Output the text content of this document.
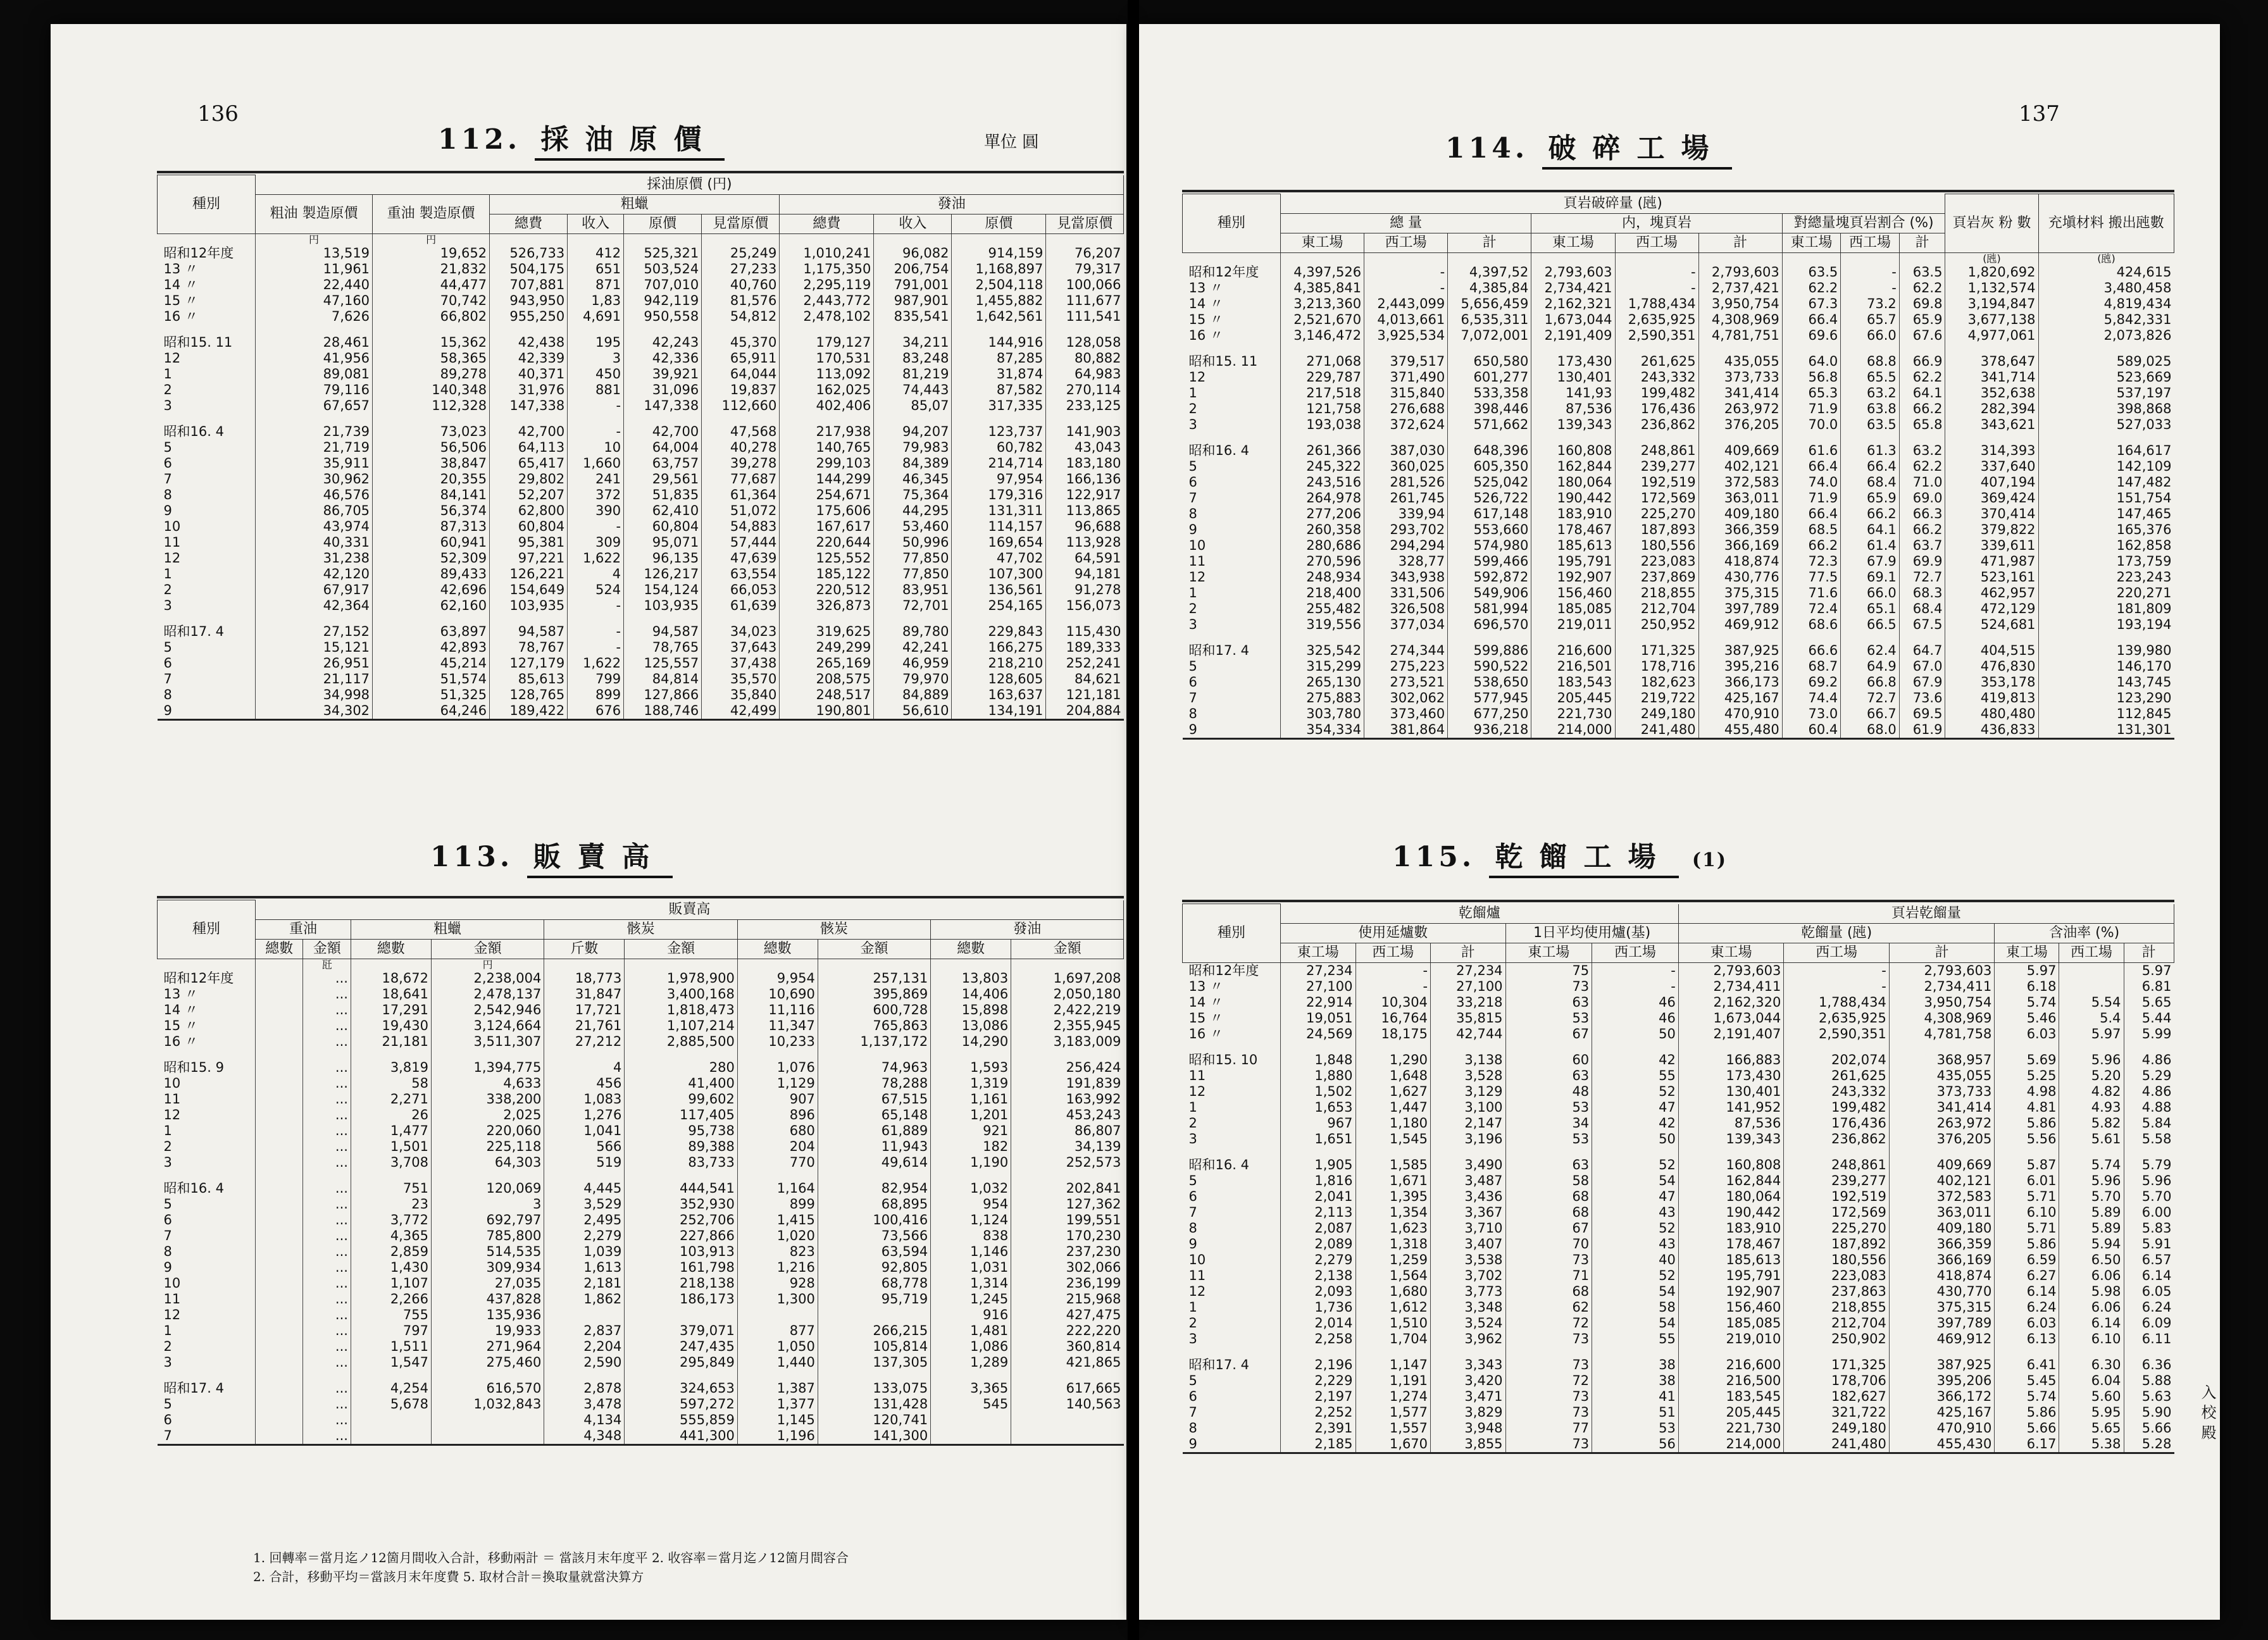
136
112. 採油原價	單位 圓
種別	採油原價 (円)									
	粗油 製造原價	重油 製造原價	粗蠟				發油			
			總費	收入	原價	見當原價	總費	收入	原價	見當原價
	円	円								
昭和12年度	13,519	19,652	526,733	412	525,321	25,249	1,010,241	96,082	914,159	76,207
13 〃	11,961	21,832	504,175	651	503,524	27,233	1,175,350	206,754	1,168,897	79,317
14 〃	22,440	44,477	707,881	871	707,010	40,760	2,295,119	791,001	2,504,118	100,066
15 〃	47,160	70,742	943,950	1,83	942,119	81,576	2,443,772	987,901	1,455,882	111,677
16 〃	7,626	66,802	955,250	4,691	950,558	54,812	2,478,102	835,541	1,642,561	111,541
昭和15. 11	28,461	15,362	42,438	195	42,243	45,370	179,127	34,211	144,916	128,058
12	41,956	58,365	42,339	3	42,336	65,911	170,531	83,248	87,285	80,882
1	89,081	89,278	40,371	450	39,921	64,044	113,092	81,219	31,874	64,983
2	79,116	140,348	31,976	881	31,096	19,837	162,025	74,443	87,582	270,114
3	67,657	112,328	147,338	-	147,338	112,660	402,406	85,07	317,335	233,125
昭和16. 4	21,739	73,023	42,700	-	42,700	47,568	217,938	94,207	123,737	141,903
5	21,719	56,506	64,113	10	64,004	40,278	140,765	79,983	60,782	43,043
6	35,911	38,847	65,417	1,660	63,757	39,278	299,103	84,389	214,714	183,180
7	30,962	20,355	29,802	241	29,561	77,687	144,299	46,345	97,954	166,136
8	46,576	84,141	52,207	372	51,835	61,364	254,671	75,364	179,316	122,917
9	86,705	56,374	62,800	390	62,410	51,072	175,606	44,295	131,311	113,865
10	43,974	87,313	60,804	-	60,804	54,883	167,617	53,460	114,157	96,688
11	40,331	60,941	95,381	309	95,071	57,444	220,644	50,996	169,654	113,928
12	31,238	52,309	97,221	1,622	96,135	47,639	125,552	77,850	47,702	64,591
1	42,120	89,433	126,221	4	126,217	63,554	185,122	77,850	107,300	94,181
2	67,917	42,696	154,649	524	154,124	66,053	220,512	83,951	136,561	91,278
3	42,364	62,160	103,935	-	103,935	61,639	326,873	72,701	254,165	156,073
昭和17. 4	27,152	63,897	94,587	-	94,587	34,023	319,625	89,780	229,843	115,430
5	15,121	42,893	78,767	-	78,765	37,643	249,299	42,241	166,275	189,333
6	26,951	45,214	127,179	1,622	125,557	37,438	265,169	46,959	218,210	252,241
7	21,117	51,574	85,613	799	84,814	35,570	208,575	79,970	128,605	84,621
8	34,998	51,325	128,765	899	127,866	35,840	248,517	84,889	163,637	121,181
9	34,302	64,246	189,422	676	188,746	42,499	190,801	56,610	134,191	204,884
113. 販賣高
種別	販賣高									
	重油		粗蠟		骸炭		骸炭		發油	
	總數	金額	總數	金額	斤數	金額	總數	金額	總數	金額
		瓩		円						
昭和12年度		...	18,672	2,238,004	18,773	1,978,900	9,954	257,131	13,803	1,697,208
13 〃		...	18,641	2,478,137	31,847	3,400,168	10,690	395,869	14,406	2,050,180
14 〃		...	17,291	2,542,946	17,721	1,818,473	11,116	600,728	15,898	2,422,219
15 〃		...	19,430	3,124,664	21,761	1,107,214	11,347	765,863	13,086	2,355,945
16 〃		...	21,181	3,511,307	27,212	2,885,500	10,233	1,137,172	14,290	3,183,009
昭和15. 9		...	3,819	1,394,775	4	280	1,076	74,963	1,593	256,424
10		...	58	4,633	456	41,400	1,129	78,288	1,319	191,839
11		...	2,271	338,200	1,083	99,602	907	67,515	1,161	163,992
12		...	26	2,025	1,276	117,405	896	65,148	1,201	453,243
1		...	1,477	220,060	1,041	95,738	680	61,889	921	86,807
2		...	1,501	225,118	566	89,388	204	11,943	182	34,139
3		...	3,708	64,303	519	83,733	770	49,614	1,190	252,573
昭和16. 4		...	751	120,069	4,445	444,541	1,164	82,954	1,032	202,841
5		...	23	3	3,529	352,930	899	68,895	954	127,362
6		...	3,772	692,797	2,495	252,706	1,415	100,416	1,124	199,551
7		...	4,365	785,800	2,279	227,866	1,020	73,566	838	170,230
8		...	2,859	514,535	1,039	103,913	823	63,594	1,146	237,230
9		...	1,430	309,934	1,613	161,798	1,216	92,805	1,031	302,066
10		...	1,107	27,035	2,181	218,138	928	68,778	1,314	236,199
11		...	2,266	437,828	1,862	186,173	1,300	95,719	1,245	215,968
12		...	755	135,936					916	427,475
1		...	797	19,933	2,837	379,071	877	266,215	1,481	222,220
2		...	1,511	271,964	2,204	247,435	1,050	105,814	1,086	360,814
3		...	1,547	275,460	2,590	295,849	1,440	137,305	1,289	421,865
昭和17. 4		...	4,254	616,570	2,878	324,653	1,387	133,075	3,365	617,665
5		...	5,678	1,032,843	3,478	597,272	1,377	131,428	545	140,563
6		...			4,134	555,859	1,145	120,741		
7		...			4,348	441,300	1,196	141,300		
1. 回轉率＝當月迄ノ12箇月間收入合計，移動兩計 ＝ 當該月末年度平 2. 收容率＝當月迄ノ12箇月間容合
2. 合計，移動平均＝當該月末年度費 5. 取材合計＝換取量就當決算方
137
114. 破碎工場
種別	頁岩破碎量 (瓲)									頁岩灰 粉 數	充塡材料 搬出瓲數
	總 量			内，塊頁岩			對總量塊頁岩割合 (%)				
	東工場	西工場	計	東工場	西工場	計	東工場	西工場	計		
										(瓲)	(瓲)
昭和12年度	4,397,526	-	4,397,52	2,793,603	-	2,793,603	63.5	-	63.5	1,820,692	424,615
13 〃	4,385,841	-	4,385,84	2,734,421	-	2,737,421	62.2	-	62.2	1,132,574	3,480,458
14 〃	3,213,360	2,443,099	5,656,459	2,162,321	1,788,434	3,950,754	67.3	73.2	69.8	3,194,847	4,819,434
15 〃	2,521,670	4,013,661	6,535,311	1,673,044	2,635,925	4,308,969	66.4	65.7	65.9	3,677,138	5,842,331
16 〃	3,146,472	3,925,534	7,072,001	2,191,409	2,590,351	4,781,751	69.6	66.0	67.6	4,977,061	2,073,826
昭和15. 11	271,068	379,517	650,580	173,430	261,625	435,055	64.0	68.8	66.9	378,647	589,025
12	229,787	371,490	601,277	130,401	243,332	373,733	56.8	65.5	62.2	341,714	523,669
1	217,518	315,840	533,358	141,93	199,482	341,414	65.3	63.2	64.1	352,638	537,197
2	121,758	276,688	398,446	87,536	176,436	263,972	71.9	63.8	66.2	282,394	398,868
3	193,038	372,624	571,662	139,343	236,862	376,205	70.0	63.5	65.8	343,621	527,033
昭和16. 4	261,366	387,030	648,396	160,808	248,861	409,669	61.6	61.3	63.2	314,393	164,617
5	245,322	360,025	605,350	162,844	239,277	402,121	66.4	66.4	62.2	337,640	142,109
6	243,516	281,526	525,042	180,064	192,519	372,583	74.0	68.4	71.0	407,194	147,482
7	264,978	261,745	526,722	190,442	172,569	363,011	71.9	65.9	69.0	369,424	151,754
8	277,206	339,94	617,148	183,910	225,270	409,180	66.4	66.2	66.3	370,414	147,465
9	260,358	293,702	553,660	178,467	187,893	366,359	68.5	64.1	66.2	379,822	165,376
10	280,686	294,294	574,980	185,613	180,556	366,169	66.2	61.4	63.7	339,611	162,858
11	270,596	328,77	599,466	195,791	223,083	418,874	72.3	67.9	69.9	471,987	173,759
12	248,934	343,938	592,872	192,907	237,869	430,776	77.5	69.1	72.7	523,161	223,243
1	218,400	331,506	549,906	156,460	218,855	375,315	71.6	66.0	68.3	462,957	220,271
2	255,482	326,508	581,994	185,085	212,704	397,789	72.4	65.1	68.4	472,129	181,809
3	319,556	377,034	696,570	219,011	250,952	469,912	68.6	66.5	67.5	524,681	193,194
昭和17. 4	325,542	274,344	599,886	216,600	171,325	387,925	66.6	62.4	64.7	404,515	139,980
5	315,299	275,223	590,522	216,501	178,716	395,216	68.7	64.9	67.0	476,830	146,170
6	265,130	273,521	538,650	183,543	182,623	366,173	69.2	66.8	67.9	353,178	143,745
7	275,883	302,062	577,945	205,445	219,722	425,167	74.4	72.7	73.6	419,813	123,290
8	303,780	373,460	677,250	221,730	249,180	470,910	73.0	66.7	69.5	480,480	112,845
9	354,334	381,864	936,218	214,000	241,480	455,480	60.4	68.0	61.9	436,833	131,301
115. 乾餾工場 (1)
種別	乾餾爐					頁岩乾餾量					
	使用延爐數			1日平均使用爐(基)		乾餾量 (瓲)			含油率 (%)		
	東工場	西工場	計	東工場	西工場	東工場	西工場	計	東工場	西工場	計
昭和12年度	27,234	-	27,234	75	-	2,793,603	-	2,793,603	5.97		5.97
13 〃	27,100	-	27,100	73	-	2,734,411	-	2,734,411	6.18		6.81
14 〃	22,914	10,304	33,218	63	46	2,162,320	1,788,434	3,950,754	5.74	5.54	5.65
15 〃	19,051	16,764	35,815	53	46	1,673,044	2,635,925	4,308,969	5.46	5.4	5.44
16 〃	24,569	18,175	42,744	67	50	2,191,407	2,590,351	4,781,758	6.03	5.97	5.99
昭和15. 10	1,848	1,290	3,138	60	42	166,883	202,074	368,957	5.69	5.96	4.86
11	1,880	1,648	3,528	63	55	173,430	261,625	435,055	5.25	5.20	5.29
12	1,502	1,627	3,129	48	52	130,401	243,332	373,733	4.98	4.82	4.86
1	1,653	1,447	3,100	53	47	141,952	199,482	341,414	4.81	4.93	4.88
2	967	1,180	2,147	34	42	87,536	176,436	263,972	5.86	5.82	5.84
3	1,651	1,545	3,196	53	50	139,343	236,862	376,205	5.56	5.61	5.58
昭和16. 4	1,905	1,585	3,490	63	52	160,808	248,861	409,669	5.87	5.74	5.79
5	1,816	1,671	3,487	58	54	162,844	239,277	402,121	6.01	5.96	5.96
6	2,041	1,395	3,436	68	47	180,064	192,519	372,583	5.71	5.70	5.70
7	2,113	1,354	3,367	68	43	190,442	172,569	363,011	6.10	5.89	6.00
8	2,087	1,623	3,710	67	52	183,910	225,270	409,180	5.71	5.89	5.83
9	2,089	1,318	3,407	70	43	178,467	187,892	366,359	5.86	5.94	5.91
10	2,279	1,259	3,538	73	40	185,613	180,556	366,169	6.59	6.50	6.57
11	2,138	1,564	3,702	71	52	195,791	223,083	418,874	6.27	6.06	6.14
12	2,093	1,680	3,773	68	54	192,907	237,863	430,770	6.14	5.98	6.05
1	1,736	1,612	3,348	62	58	156,460	218,855	375,315	6.24	6.06	6.24
2	2,014	1,510	3,524	72	54	185,085	212,704	397,789	6.03	6.14	6.09
3	2,258	1,704	3,962	73	55	219,010	250,902	469,912	6.13	6.10	6.11
昭和17. 4	2,196	1,147	3,343	73	38	216,600	171,325	387,925	6.41	6.30	6.36
5	2,229	1,191	3,420	72	38	216,500	178,706	395,206	5.45	6.04	5.88
6	2,197	1,274	3,471	73	41	183,545	182,627	366,172	5.74	5.60	5.63
7	2,252	1,577	3,829	73	51	205,445	321,722	425,167	5.86	5.95	5.90
8	2,391	1,557	3,948	77	53	221,730	249,180	470,910	5.66	5.65	5.66
9	2,185	1,670	3,855	73	56	214,000	241,480	455,430	6.17	5.38	5.28
入 校 殿
